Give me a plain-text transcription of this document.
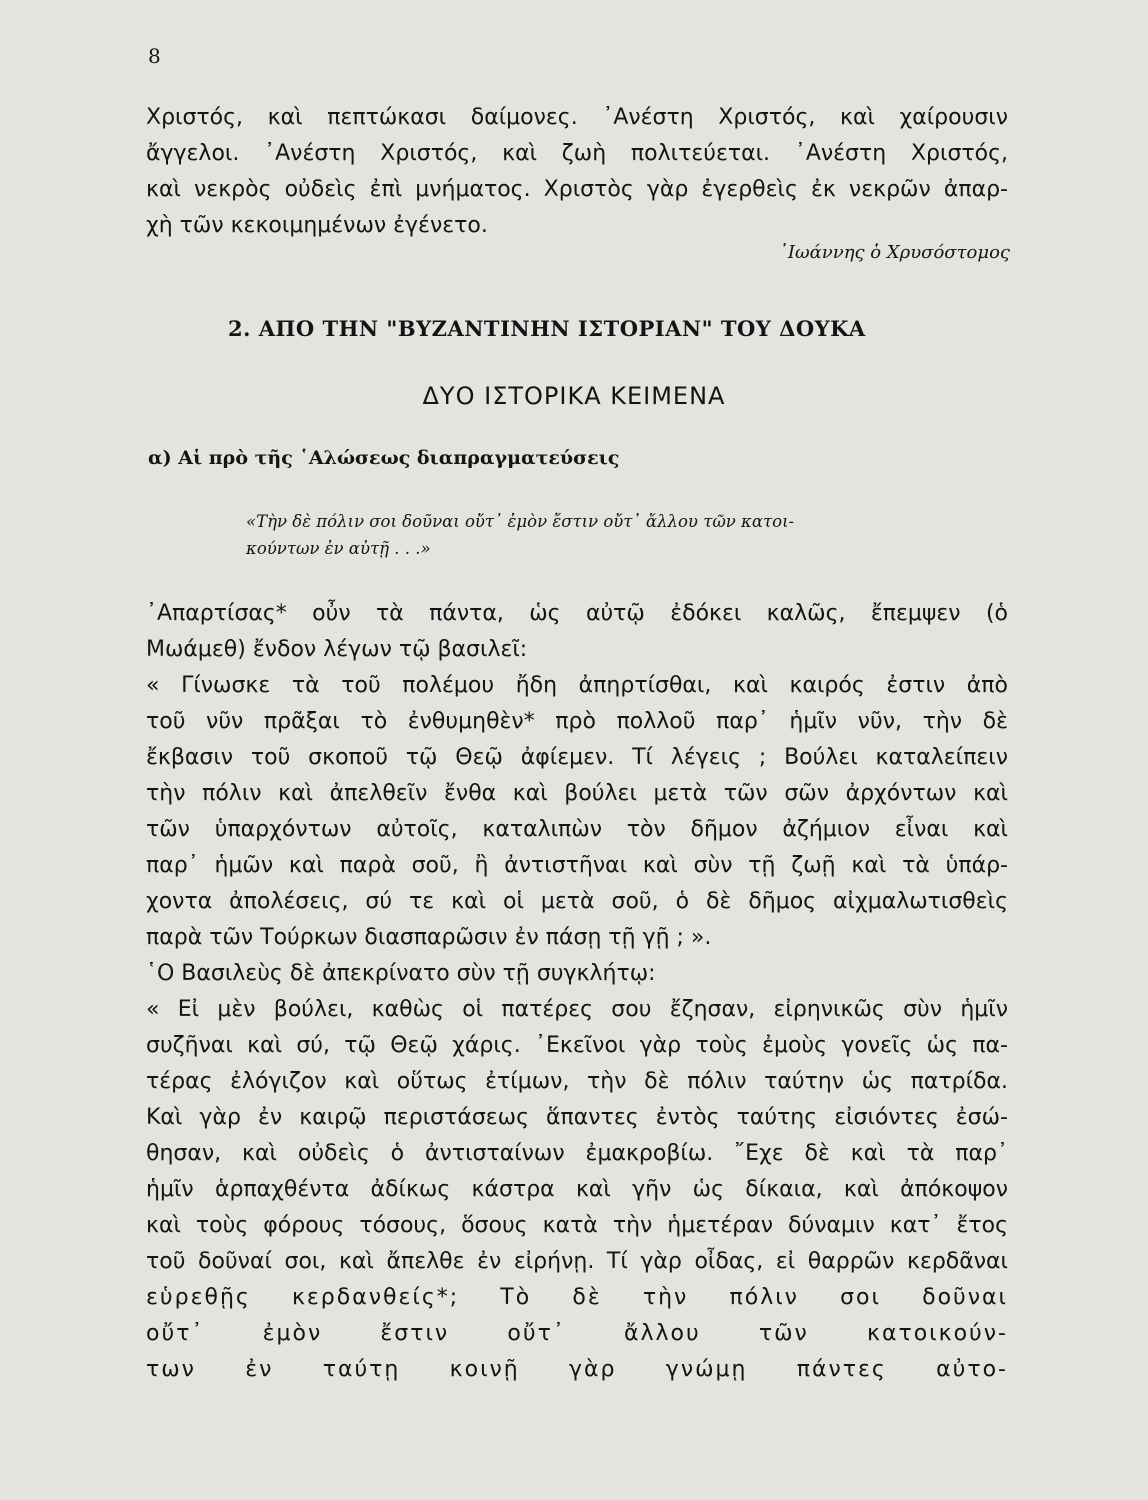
8
Χριστός, καὶ πεπτώκασι δαίμονες. ᾿Ανέστη Χριστός, καὶ χαίρουσιν
ἄγγελοι. ᾿Ανέστη Χριστός, καὶ ζωὴ πολιτεύεται. ᾿Ανέστη Χριστός,
καὶ νεκρὸς οὐδεὶς ἐπὶ μνήματος. Χριστὸς γὰρ ἐγερθεὶς ἐκ νεκρῶν ἀπαρ-
χὴ τῶν κεκοιμημένων ἐγένετο.
᾿Ιωάννης ὁ Χρυσόστομος
2. ΑΠΟ ΤΗΝ "ΒΥΖΑΝΤΙΝΗΝ ΙΣΤΟΡΙΑΝ" ΤΟΥ ΔΟΥΚΑ
ΔΥΟ ΙΣΤΟΡΙΚΑ ΚΕΙΜΕΝΑ
α) Αἱ πρὸ τῆς ῾Αλώσεως διαπραγματεύσεις
«Τὴν δὲ πόλιν σοι δοῦναι οὔτ᾿ ἐμὸν ἔστιν οὔτ᾿ ἄλλου τῶν κατοι-
κούντων ἐν αὐτῇ . . .»
᾿Απαρτίσας* οὖν τὰ πάντα, ὡς αὐτῷ ἐδόκει καλῶς, ἔπεμψεν (ὁ
Μωάμεθ) ἔνδον λέγων τῷ βασιλεῖ:
« Γίνωσκε τὰ τοῦ πολέμου ἤδη ἀπηρτίσθαι, καὶ καιρός ἐστιν ἀπὸ
τοῦ νῦν πρᾶξαι τὸ ἐνθυμηθὲν* πρὸ πολλοῦ παρ᾿ ἡμῖν νῦν, τὴν δὲ
ἔκβασιν τοῦ σκοποῦ τῷ Θεῷ ἀφίεμεν. Τί λέγεις ; Βούλει καταλείπειν
τὴν πόλιν καὶ ἀπελθεῖν ἔνθα καὶ βούλει μετὰ τῶν σῶν ἀρχόντων καὶ
τῶν ὑπαρχόντων αὐτοῖς, καταλιπὼν τὸν δῆμον ἀζήμιον εἶναι καὶ
παρ᾿ ἡμῶν καὶ παρὰ σοῦ, ἢ ἀντιστῆναι καὶ σὺν τῇ ζωῇ καὶ τὰ ὑπάρ-
χοντα ἀπολέσεις, σύ τε καὶ οἱ μετὰ σοῦ, ὁ δὲ δῆμος αἰχμαλωτισθεὶς
παρὰ τῶν Τούρκων διασπαρῶσιν ἐν πάσῃ τῇ γῇ ; ».
῾Ο Βασιλεὺς δὲ ἀπεκρίνατο σὺν τῇ συγκλήτῳ:
« Εἰ μὲν βούλει, καθὼς οἱ πατέρες σου ἔζησαν, εἰρηνικῶς σὺν ἡμῖν
συζῆναι καὶ σύ, τῷ Θεῷ χάρις. ᾿Εκεῖνοι γὰρ τοὺς ἐμοὺς γονεῖς ὡς πα-
τέρας ἐλόγιζον καὶ οὕτως ἐτίμων, τὴν δὲ πόλιν ταύτην ὡς πατρίδα.
Καὶ γὰρ ἐν καιρῷ περιστάσεως ἅπαντες ἐντὸς ταύτης εἰσιόντες ἐσώ-
θησαν, καὶ οὐδεὶς ὁ ἀντισταίνων ἐμακροβίω. ῎Εχε δὲ καὶ τὰ παρ᾿
ἡμῖν ἁρπαχθέντα ἀδίκως κάστρα καὶ γῆν ὡς δίκαια, καὶ ἀπόκοψον
καὶ τοὺς φόρους τόσους, ὅσους κατὰ τὴν ἡμετέραν δύναμιν κατ᾿ ἔτος
τοῦ δοῦναί σοι, καὶ ἄπελθε ἐν εἰρήνῃ. Τί γὰρ οἶδας, εἰ θαρρῶν κερδᾶναι
εὑρεθῇς κερδανθείς*; Τὸ δὲ τὴν πόλιν σοι δοῦναι
οὔτ᾿ ἐμὸν ἔστιν οὔτ᾿ ἄλλου τῶν κατοικούν-
των ἐν ταύτῃ κοινῇ γὰρ γνώμῃ πάντες αὐτο-
